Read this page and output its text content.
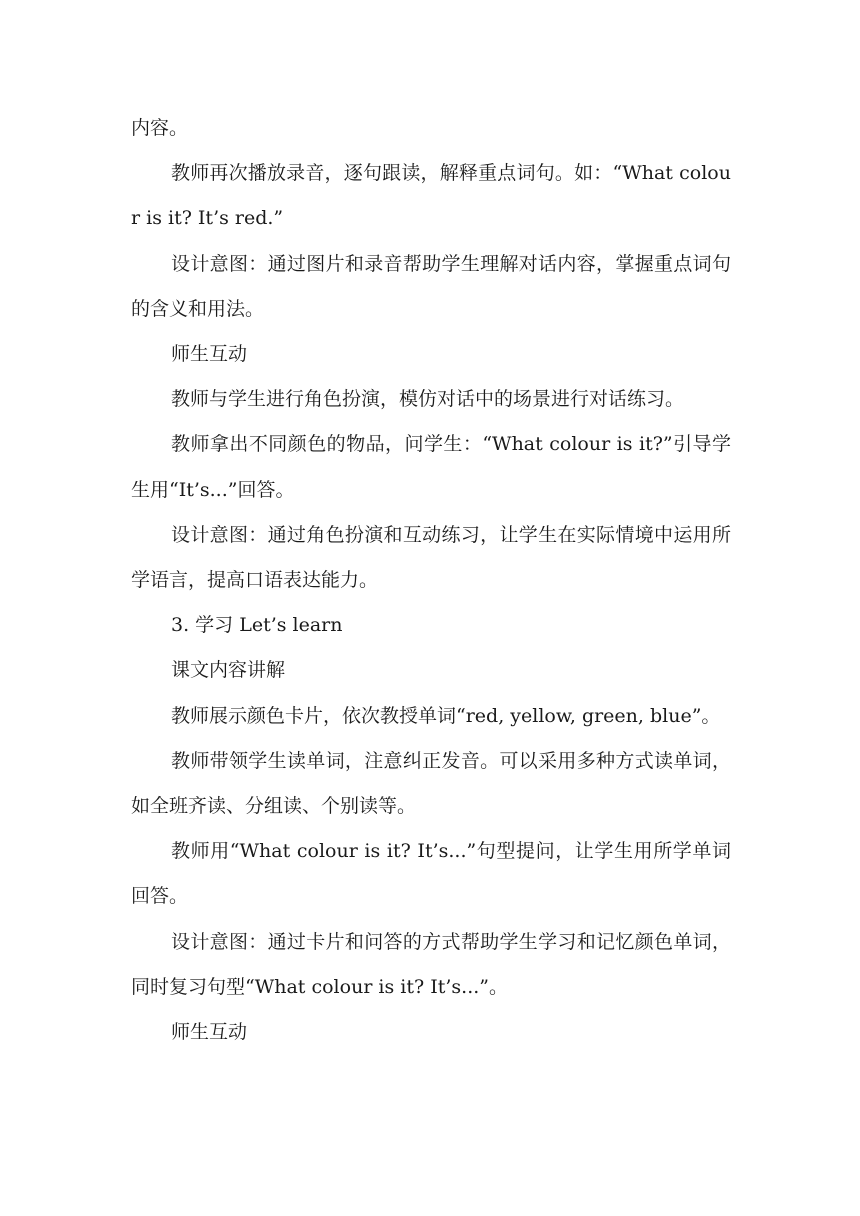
内容。

教师再次播放录音，逐句跟读，解释重点词句。如：“What colour is it? It’s red.”

设计意图：通过图片和录音帮助学生理解对话内容，掌握重点词句的含义和用法。

师生互动

教师与学生进行角色扮演，模仿对话中的场景进行对话练习。

教师拿出不同颜色的物品，问学生：“What colour is it?”引导学生用“It’s...”回答。

设计意图：通过角色扮演和互动练习，让学生在实际情境中运用所学语言，提高口语表达能力。

3. 学习 Let’s learn

课文内容讲解

教师展示颜色卡片，依次教授单词“red, yellow, green, blue”。

教师带领学生读单词，注意纠正发音。可以采用多种方式读单词，如全班齐读、分组读、个别读等。

教师用“What colour is it? It’s...”句型提问，让学生用所学单词回答。

设计意图：通过卡片和问答的方式帮助学生学习和记忆颜色单词，同时复习句型“What colour is it? It’s...”。

师生互动
